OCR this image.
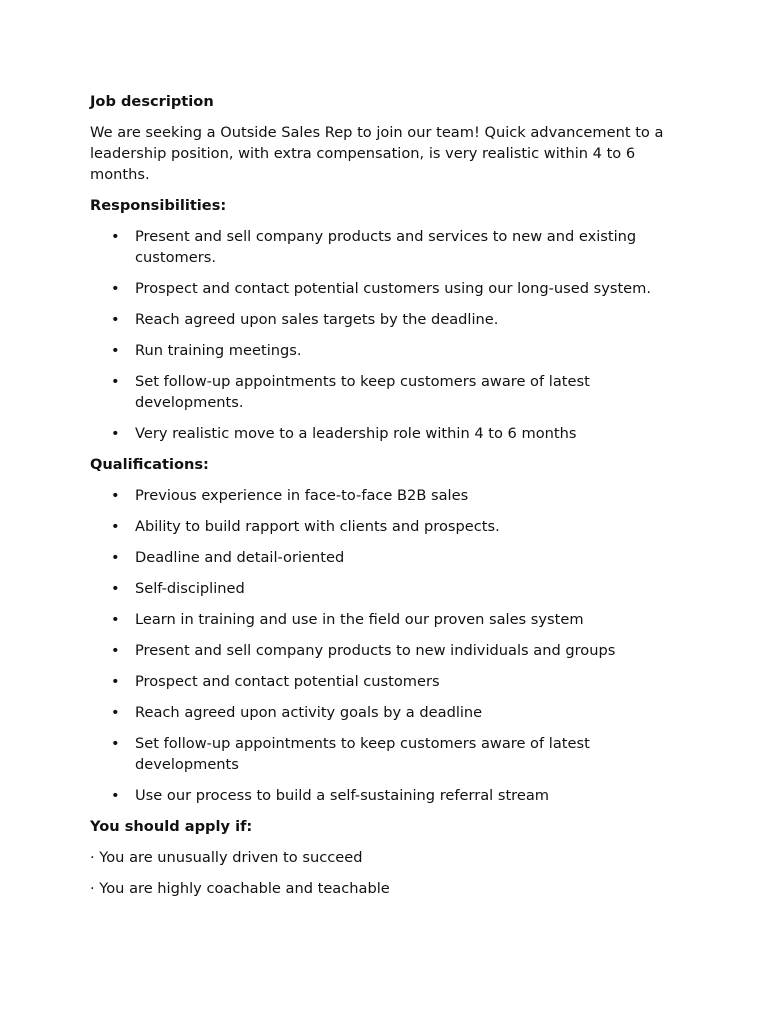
Job description

We are seeking a Outside Sales Rep to join our team! Quick advancement to a leadership position, with extra compensation, is very realistic within 4 to 6 months.

Responsibilities:

• Present and sell company products and services to new and existing customers.
• Prospect and contact potential customers using our long-used system.
• Reach agreed upon sales targets by the deadline.
• Run training meetings.
• Set follow-up appointments to keep customers aware of latest developments.
• Very realistic move to a leadership role within 4 to 6 months

Qualifications:

• Previous experience in face-to-face B2B sales
• Ability to build rapport with clients and prospects.
• Deadline and detail-oriented
• Self-disciplined
• Learn in training and use in the field our proven sales system
• Present and sell company products to new individuals and groups
• Prospect and contact potential customers
• Reach agreed upon activity goals by a deadline
• Set follow-up appointments to keep customers aware of latest developments
• Use our process to build a self-sustaining referral stream

You should apply if:

· You are unusually driven to succeed

· You are highly coachable and teachable
